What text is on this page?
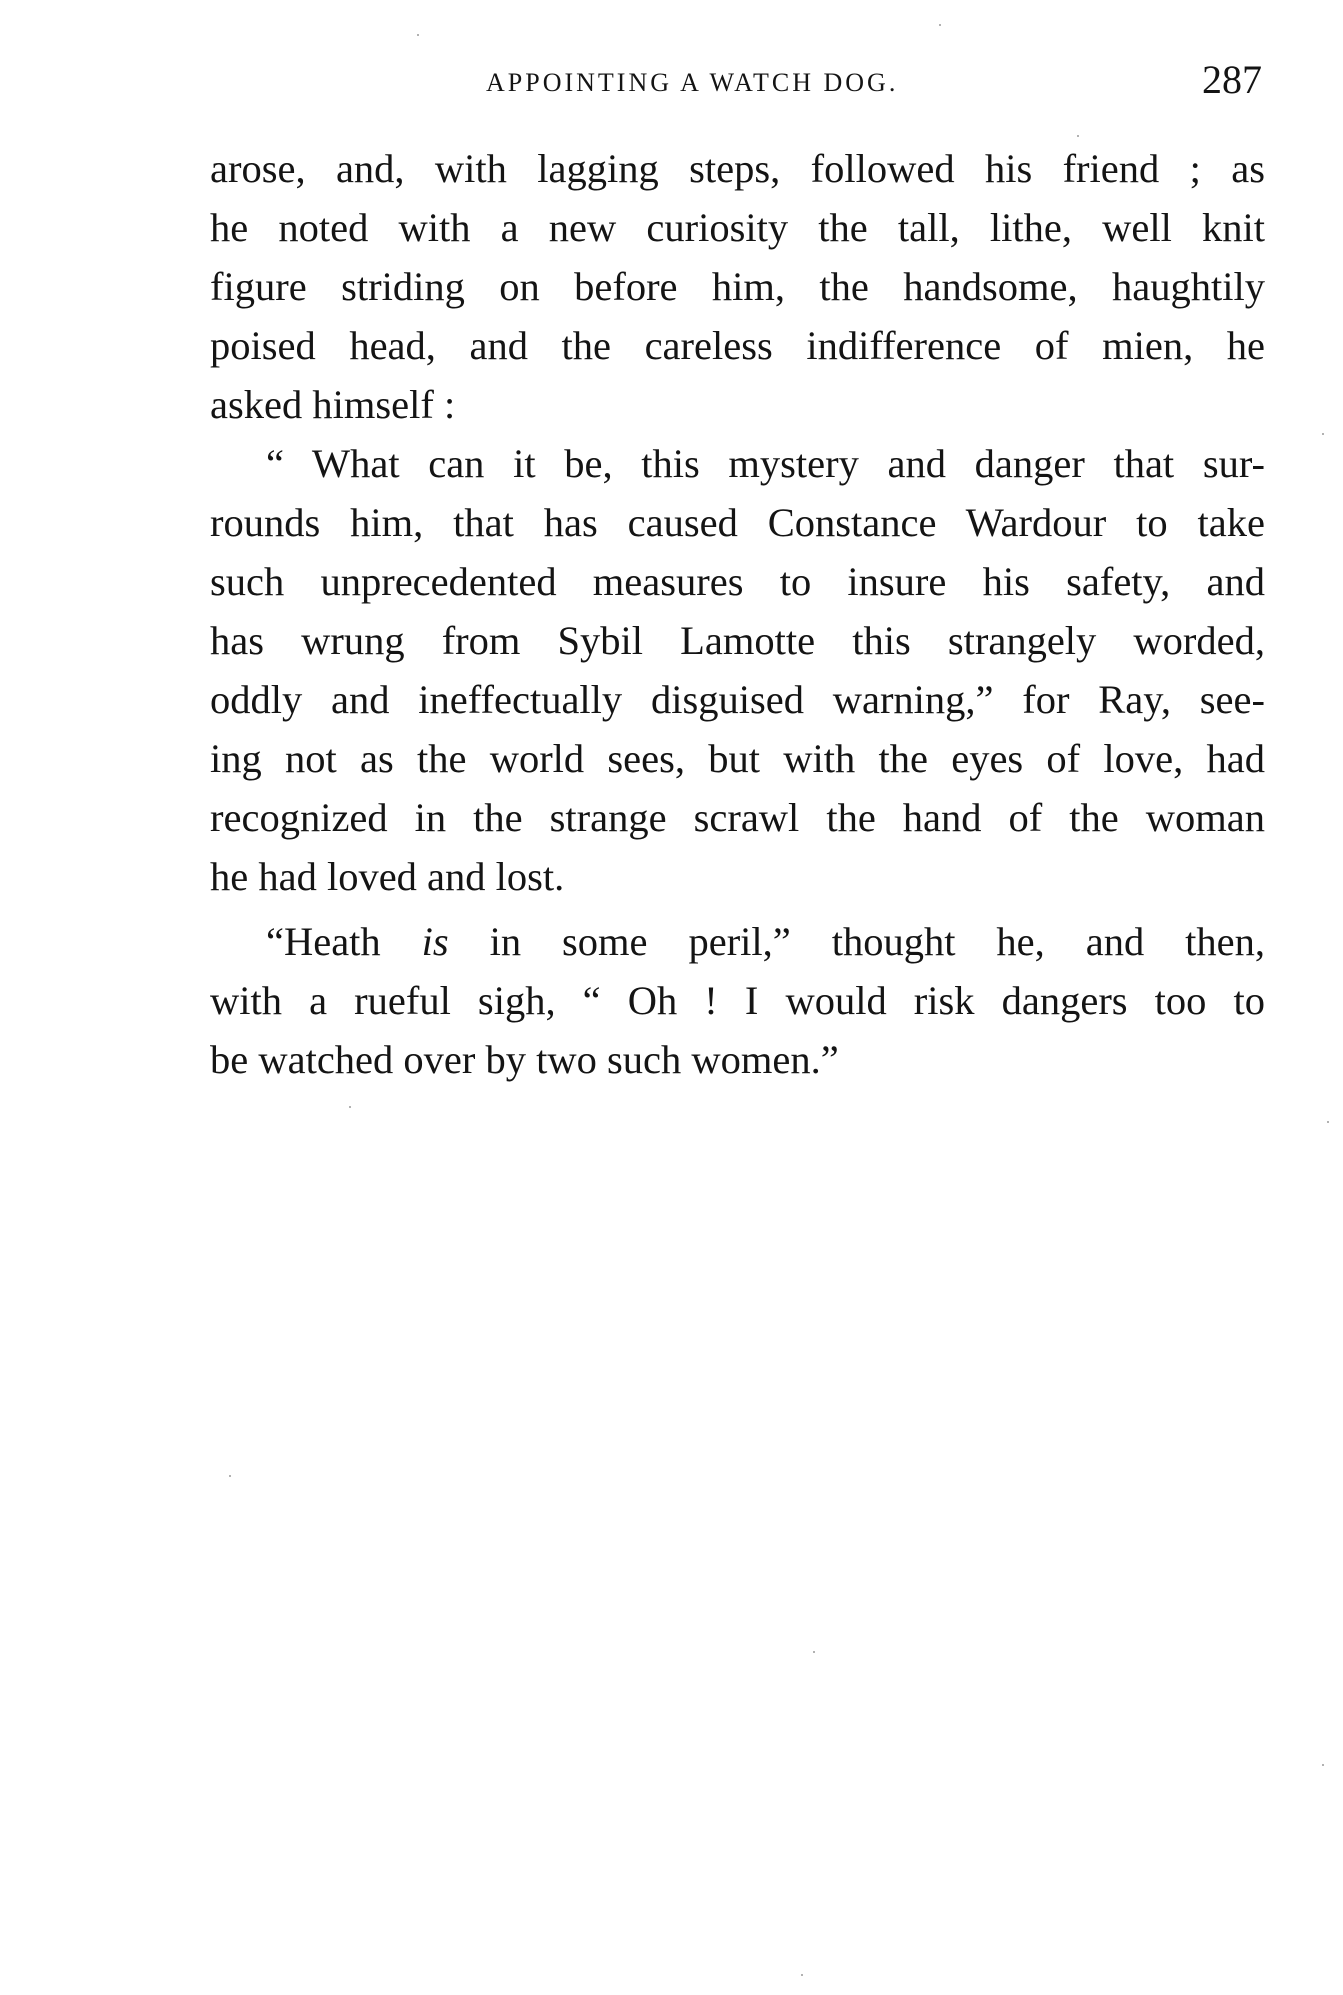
APPOINTING A WATCH DOG.	287
arose, and, with lagging steps, followed his friend ; as
he noted with a new curiosity the tall, lithe, well knit
figure striding on before him, the handsome, haughtily
poised head, and the careless indifference of mien, he
asked himself :
“ What can it be, this mystery and danger that sur-
rounds him, that has caused Constance Wardour to take
such unprecedented measures to insure his safety, and
has wrung from Sybil Lamotte this strangely worded,
oddly and ineffectually disguised warning,” for Ray, see-
ing not as the world sees, but with the eyes of love, had
recognized in the strange scrawl the hand of the woman
he had loved and lost.
“Heath is in some peril,” thought he, and then,
with a rueful sigh, “ Oh ! I would risk dangers too to
be watched over by two such women.”
